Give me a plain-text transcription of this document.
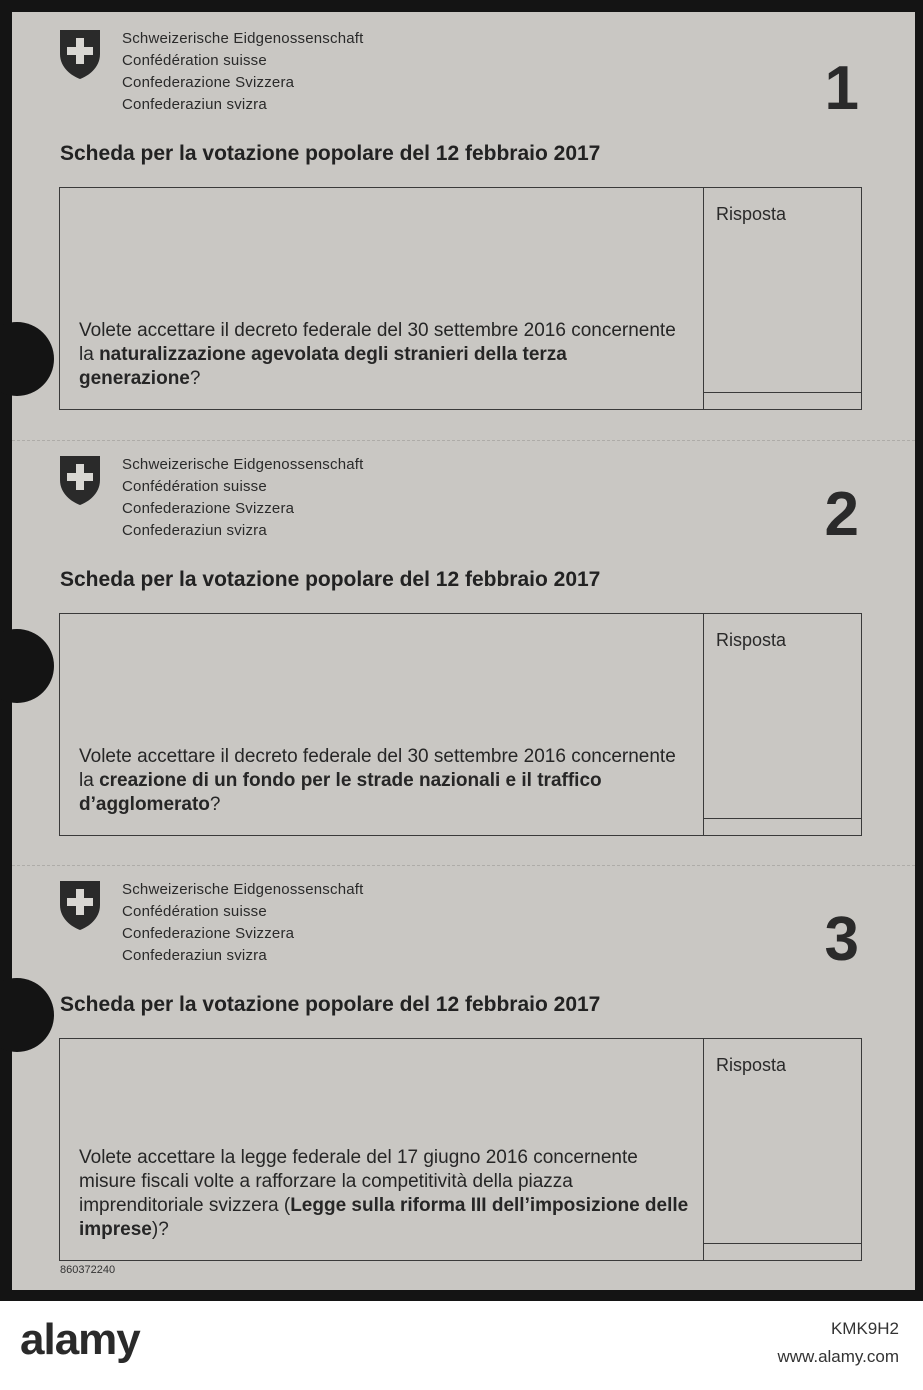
Schweizerische Eidgenossenschaft
Confédération suisse
Confederazione Svizzera
Confederaziun svizra	1
Scheda per la votazione popolare del 12 febbraio 2017
Volete accettare il decreto federale del 30 settembre 2016 concernente la naturalizzazione agevolata degli stranieri della terza generazione?
Risposta
Schweizerische Eidgenossenschaft
Confédération suisse
Confederazione Svizzera
Confederaziun svizra	2
Scheda per la votazione popolare del 12 febbraio 2017
Volete accettare il decreto federale del 30 settembre 2016 concernente la creazione di un fondo per le strade nazionali e il traffico d’agglomerato?
Risposta
Schweizerische Eidgenossenschaft
Confédération suisse
Confederazione Svizzera
Confederaziun svizra	3
Scheda per la votazione popolare del 12 febbraio 2017
Volete accettare la legge federale del 17 giugno 2016 concernente misure fiscali volte a rafforzare la competitività della piazza imprenditoriale svizzera (Legge sulla riforma III dell’imposizione delle imprese)?
Risposta
860372240
alamy	KMK9H2
www.alamy.com
